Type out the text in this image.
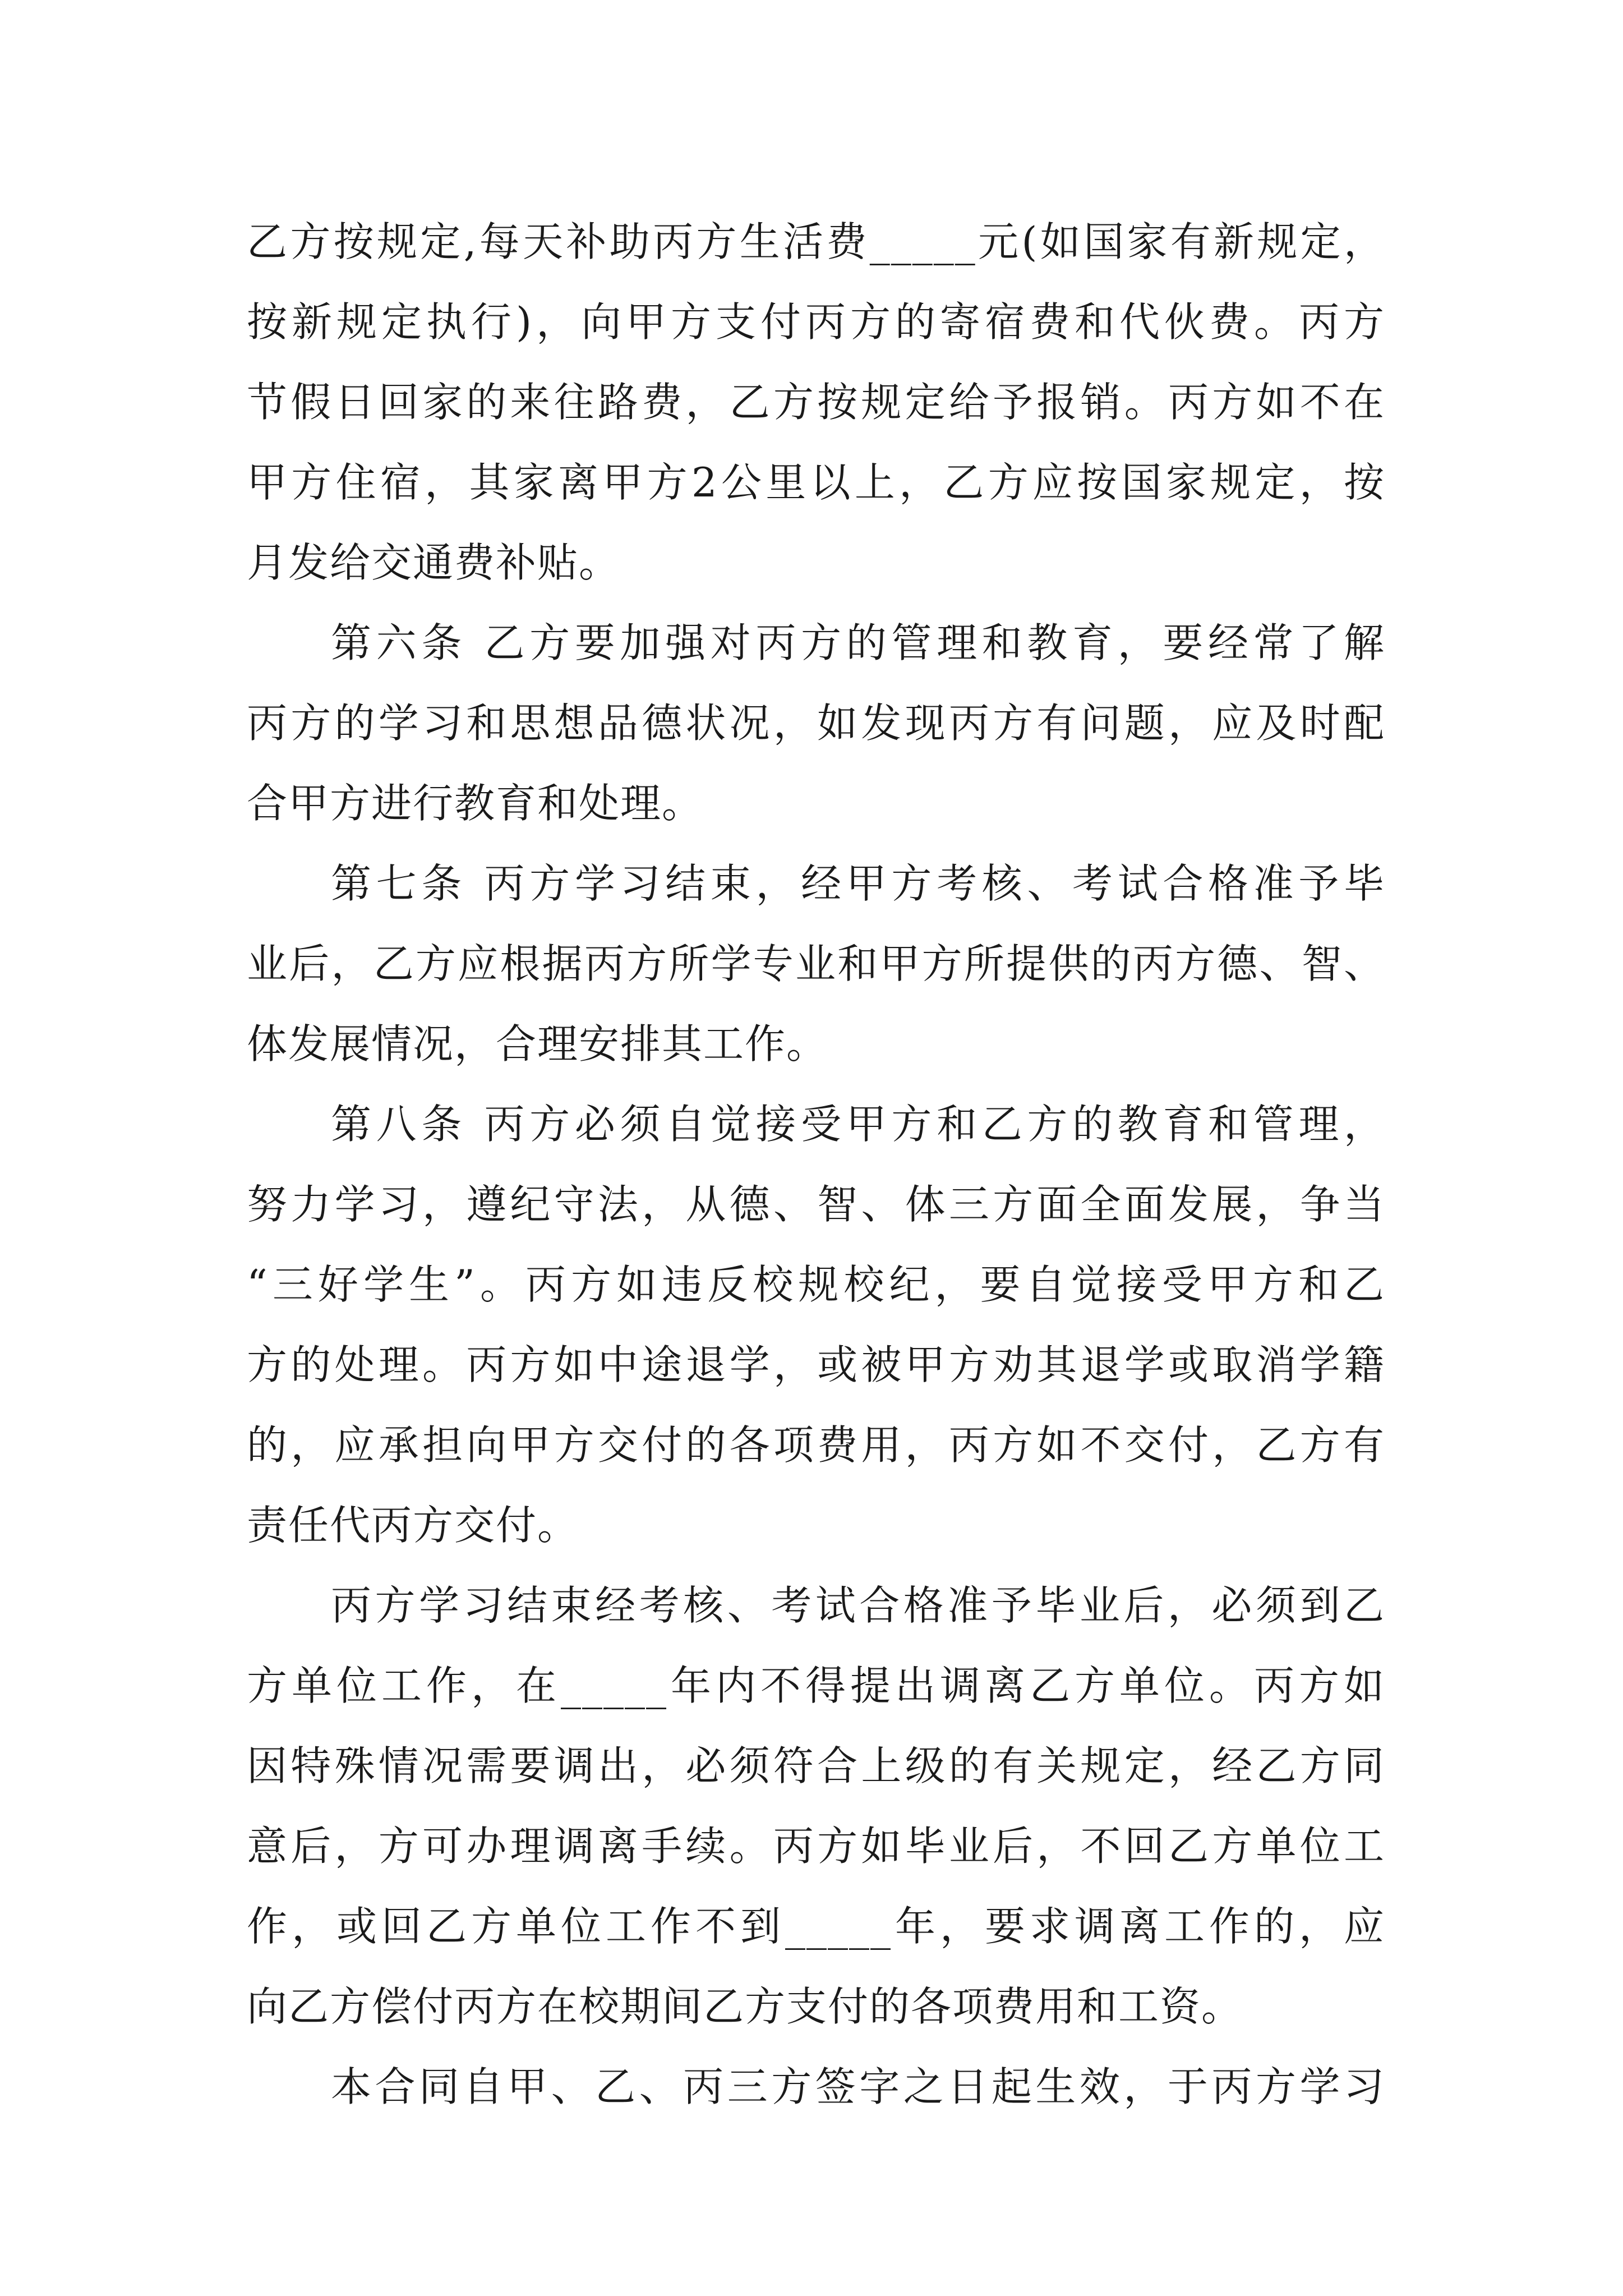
乙方按规定,每天补助丙方生活费_____元(如国家有新规定，
按新规定执行)，向甲方支付丙方的寄宿费和代伙费。丙方
节假日回家的来往路费，乙方按规定给予报销。丙方如不在
甲方住宿，其家离甲方2公里以上，乙方应按国家规定，按
月发给交通费补贴。
第六条 乙方要加强对丙方的管理和教育，要经常了解
丙方的学习和思想品德状况，如发现丙方有问题，应及时配
合甲方进行教育和处理。
第七条 丙方学习结束，经甲方考核、考试合格准予毕
业后，乙方应根据丙方所学专业和甲方所提供的丙方德、智、
体发展情况，合理安排其工作。
第八条 丙方必须自觉接受甲方和乙方的教育和管理，
努力学习，遵纪守法，从德、智、体三方面全面发展，争当
“三好学生”。丙方如违反校规校纪，要自觉接受甲方和乙
方的处理。丙方如中途退学，或被甲方劝其退学或取消学籍
的，应承担向甲方交付的各项费用，丙方如不交付，乙方有
责任代丙方交付。
丙方学习结束经考核、考试合格准予毕业后，必须到乙
方单位工作，在_____年内不得提出调离乙方单位。丙方如
因特殊情况需要调出，必须符合上级的有关规定，经乙方同
意后，方可办理调离手续。丙方如毕业后，不回乙方单位工
作，或回乙方单位工作不到_____年，要求调离工作的，应
向乙方偿付丙方在校期间乙方支付的各项费用和工资。
本合同自甲、乙、丙三方签字之日起生效，于丙方学习
